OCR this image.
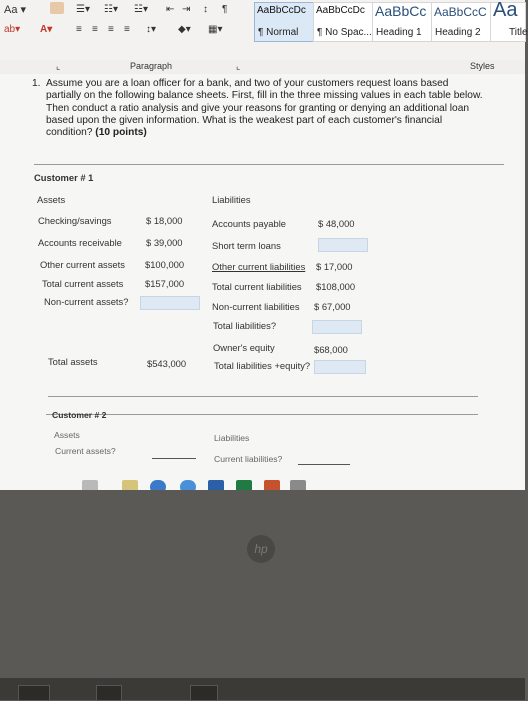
Aa ▾	☰▾ ☷▾ ☳▾ ⇤ ⇥ ↕ ¶
ab▾ A▾ ≡ ≡ ≡ ≡ ↕▾ ◆▾ ▦▾
AaBbCcDc
¶ Normal
AaBbCcDc
¶ No Spac...
AaBbCc
Heading 1
AaBbCcC
Heading 2
Aa
Title
⌞	Paragraph	⌞	Styles
1. Assume you are a loan officer for a bank, and two of your customers request loans based partially on the following balance sheets. First, fill in the three missing values in each table below. Then conduct a ratio analysis and give your reasons for granting or denying an additional loan based upon the given information. What is the weakest part of each customer's financial condition? (10 points)
Customer # 1
Assets	Liabilities
Checking/savings	$ 18,000
Accounts receivable	$ 39,000
Other current assets $100,000
Total current assets $157,000
Non-current assets?
Accounts payable	$ 48,000
Short term loans
Other current liabilities $ 17,000
Total current liabilities $108,000
Non-current liabilities $ 67,000
Total liabilities?
Owner's equity	$68,000
Total liabilities +equity?
Total assets	$543,000
Customer # 2
Assets	Liabilities
Current assets?
Current liabilities?
hp
